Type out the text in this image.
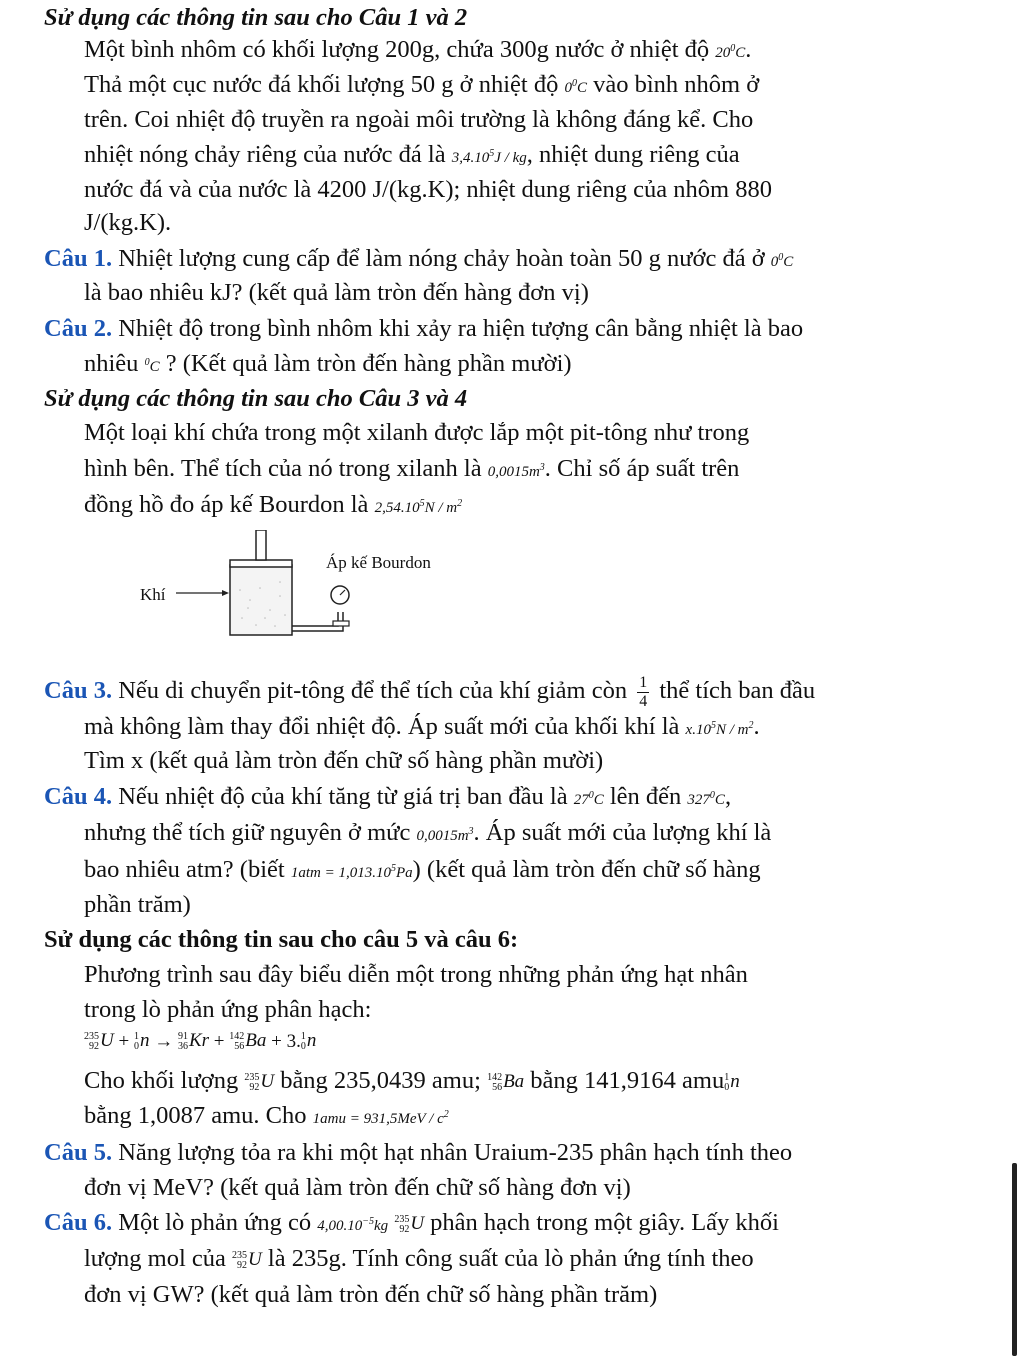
Sử dụng các thông tin sau cho Câu 1 và 2
Một bình nhôm có khối lượng 200g, chứa 300g nước ở nhiệt độ $20^0C$.
Thả một cục nước đá khối lượng 50 g ở nhiệt độ $0^0C$ vào bình nhôm ở
trên. Coi nhiệt độ truyền ra ngoài môi trường là không đáng kể. Cho
nhiệt nóng chảy riêng của nước đá là 3,4.10$^5$J / kg, nhiệt dung riêng của
nước đá và của nước là 4200 J/(kg.K); nhiệt dung riêng của nhôm 880
J/(kg.K).
Câu 1. Nhiệt lượng cung cấp để làm nóng chảy hoàn toàn 50 g nước đá ở $0^0C$
là bao nhiêu kJ? (kết quả làm tròn đến hàng đơn vị)
Câu 2. Nhiệt độ trong bình nhôm khi xảy ra hiện tượng cân bằng nhiệt là bao
nhiêu $^0$C ? (Kết quả làm tròn đến hàng phần mười)
Sử dụng các thông tin sau cho Câu 3 và 4
Một loại khí chứa trong một xilanh được lắp một pit-tông như trong
hình bên. Thể tích của nó trong xilanh là $0,0015m^3$. Chỉ số áp suất trên
đồng hồ đo áp kế Bourdon là $2,54.10^5N / m^2$
Khí
Áp kế Bourdon
Câu 3. Nếu di chuyển pit-tông để thể tích của khí giảm còn $\frac{1}{4}$ thể tích ban đầu
mà không làm thay đổi nhiệt độ. Áp suất mới của khối khí là $x.10^5N / m^2$.
Tìm x (kết quả làm tròn đến chữ số hàng phần mười)
Câu 4. Nếu nhiệt độ của khí tăng từ giá trị ban đầu là $27^0C$ lên đến $327^0C$,
nhưng thể tích giữ nguyên ở mức $0,0015m^3$. Áp suất mới của lượng khí là
bao nhiêu atm? (biết $1atm = 1,013.10^5Pa$) (kết quả làm tròn đến chữ số hàng
phần trăm)
Sử dụng các thông tin sau cho câu 5 và câu 6:
Phương trình sau đây biểu diễn một trong những phản ứng hạt nhân
trong lò phản ứng phân hạch:
235
92 U + 1
0 n → 91
36 Kr + 142
56 Ba + 3. 1
0 n
Cho khối lượng 235
92 U bằng 235,0439 amu; 142
56 Ba bằng 141,9164 amu 1
0 n
bằng 1,0087 amu. Cho $1amu = 931,5MeV / c^2$
Câu 5. Năng lượng tỏa ra khi một hạt nhân Uraium-235 phân hạch tính theo
đơn vị MeV? (kết quả làm tròn đến chữ số hàng đơn vị)
Câu 6. Một lò phản ứng có $4,00.10^{-5}kg$ 235
92 U phân hạch trong một giây. Lấy khối
lượng mol của 235
92 U là 235g. Tính công suất của lò phản ứng tính theo
đơn vị GW? (kết quả làm tròn đến chữ số hàng phần trăm)
